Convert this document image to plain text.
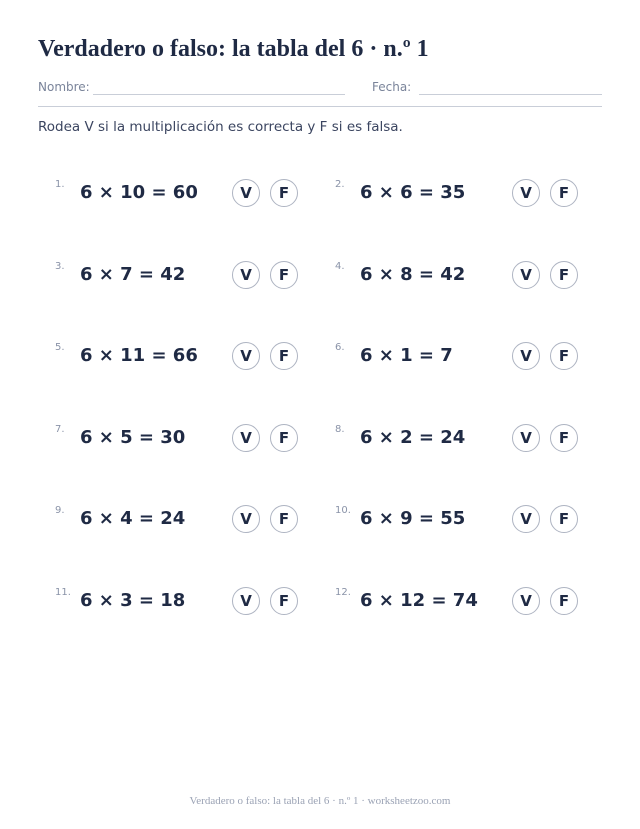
Verdadero o falso: la tabla del 6 · n.º 1
Nombre:	Fecha:
Rodea V si la multiplicación es correcta y F si es falsa.
1. 6 × 10 = 60	V	F	2. 6 × 6 = 35	V	F
3. 6 × 7 = 42	V	F	4. 6 × 8 = 42	V	F
5. 6 × 11 = 66	V	F	6. 6 × 1 = 7	V	F
7. 6 × 5 = 30	V	F	8. 6 × 2 = 24	V	F
9. 6 × 4 = 24	V	F	10. 6 × 9 = 55	V	F
11. 6 × 3 = 18	V	F	12. 6 × 12 = 74	V	F
Verdadero o falso: la tabla del 6 · n.º 1 · worksheetzoo.com
